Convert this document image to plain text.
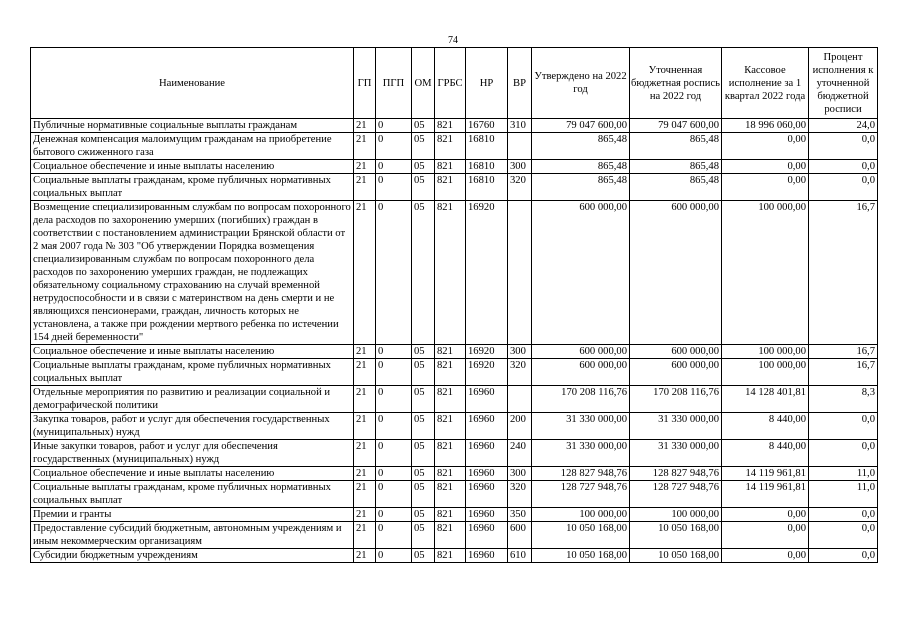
74
Наименование	ГП	ПГП	ОМ	ГРБС	НР	ВР	Утверждено на 2022 год	Уточненная бюджетная роспись на 2022 год	Кассовое исполнение за 1 квартал 2022 года	Процент исполнения к уточненной бюджетной росписи
Публичные нормативные социальные выплаты гражданам	21	0	05	821	16760	310	79 047 600,00	79 047 600,00	18 996 060,00	24,0
Денежная компенсация малоимущим гражданам на приобретение бытового сжиженного газа	21	0	05	821	16810		865,48	865,48	0,00	0,0
Социальное обеспечение и иные выплаты населению	21	0	05	821	16810	300	865,48	865,48	0,00	0,0
Социальные выплаты гражданам, кроме публичных нормативных социальных выплат	21	0	05	821	16810	320	865,48	865,48	0,00	0,0
Возмещение специализированным службам по вопросам похоронного дела расходов по захоронению умерших (погибших) граждан в соответствии с постановлением администрации Брянской области от 2 мая 2007 года № 303 "Об утверждении Порядка возмещения специализированным службам по вопросам похоронного дела расходов по захоронению умерших граждан, не подлежащих обязательному социальному страхованию на случай временной нетрудоспособности и в связи с материнством на день смерти и не являющихся пенсионерами, граждан, личность которых не установлена, а также при рождении мертвого ребенка по истечении 154 дней беременности"	21	0	05	821	16920		600 000,00	600 000,00	100 000,00	16,7
Социальное обеспечение и иные выплаты населению	21	0	05	821	16920	300	600 000,00	600 000,00	100 000,00	16,7
Социальные выплаты гражданам, кроме публичных нормативных социальных выплат	21	0	05	821	16920	320	600 000,00	600 000,00	100 000,00	16,7
Отдельные мероприятия по развитию и реализации социальной и демографической политики	21	0	05	821	16960		170 208 116,76	170 208 116,76	14 128 401,81	8,3
Закупка товаров, работ и услуг для обеспечения государственных (муниципальных) нужд	21	0	05	821	16960	200	31 330 000,00	31 330 000,00	8 440,00	0,0
Иные закупки товаров, работ и услуг для обеспечения государственных (муниципальных) нужд	21	0	05	821	16960	240	31 330 000,00	31 330 000,00	8 440,00	0,0
Социальное обеспечение и иные выплаты населению	21	0	05	821	16960	300	128 827 948,76	128 827 948,76	14 119 961,81	11,0
Социальные выплаты гражданам, кроме публичных нормативных социальных выплат	21	0	05	821	16960	320	128 727 948,76	128 727 948,76	14 119 961,81	11,0
Премии и гранты	21	0	05	821	16960	350	100 000,00	100 000,00	0,00	0,0
Предоставление субсидий бюджетным, автономным учреждениям и иным некоммерческим организациям	21	0	05	821	16960	600	10 050 168,00	10 050 168,00	0,00	0,0
Субсидии бюджетным учреждениям	21	0	05	821	16960	610	10 050 168,00	10 050 168,00	0,00	0,0
